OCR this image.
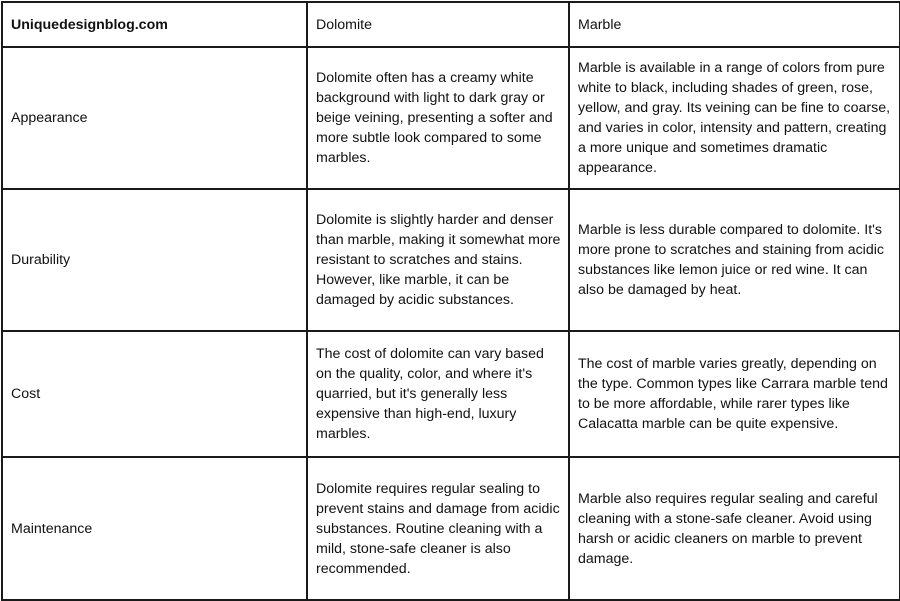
Uniquedesignblog.com	Dolomite	Marble
Appearance	Dolomite often has a creamy white background with light to dark gray or beige veining, presenting a softer and more subtle look compared to some marbles.	Marble is available in a range of colors from pure white to black, including shades of green, rose, yellow, and gray. Its veining can be fine to coarse, and varies in color, intensity and pattern, creating a more unique and sometimes dramatic appearance.
Durability	Dolomite is slightly harder and denser than marble, making it somewhat more resistant to scratches and stains. However, like marble, it can be damaged by acidic substances.	Marble is less durable compared to dolomite. It's more prone to scratches and staining from acidic substances like lemon juice or red wine. It can also be damaged by heat.
Cost	The cost of dolomite can vary based on the quality, color, and where it's quarried, but it's generally less expensive than high-end, luxury marbles.	The cost of marble varies greatly, depending on the type. Common types like Carrara marble tend to be more affordable, while rarer types like Calacatta marble can be quite expensive.
Maintenance	Dolomite requires regular sealing to prevent stains and damage from acidic substances. Routine cleaning with a mild, stone-safe cleaner is also recommended.	Marble also requires regular sealing and careful cleaning with a stone-safe cleaner. Avoid using harsh or acidic cleaners on marble to prevent damage.
